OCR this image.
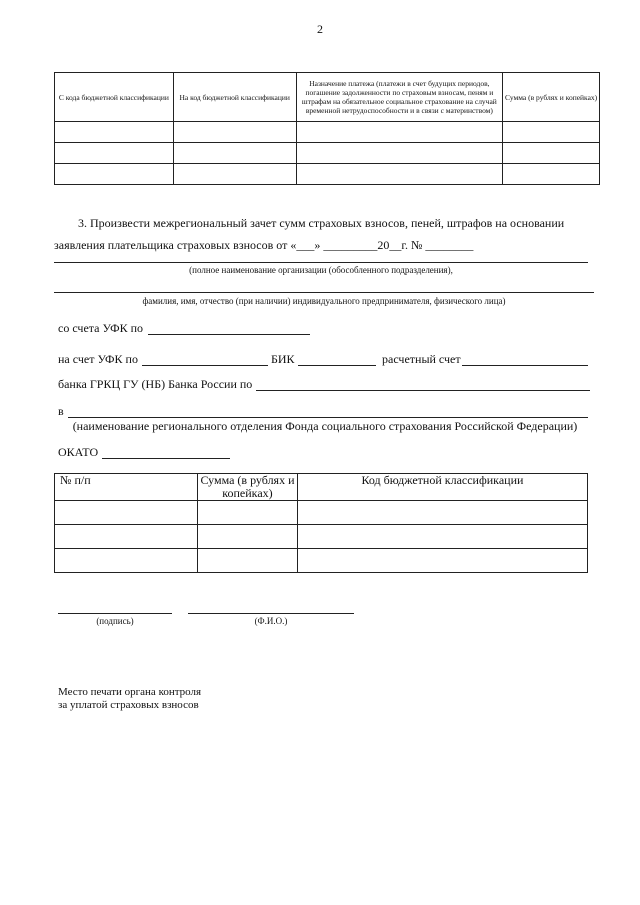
2
С кода бюджетной классификации	На код бюджетной классификации	Назначение платежа (платежи в счет будущих периодов, погашение задолженности по страховым взносам, пеням и штрафам на обязательное социальное страхование на случай временной нетрудоспособности и в связи с материнством)	Сумма (в рублях и копейках)

3. Произвести межрегиональный зачет сумм страховых взносов, пеней, штрафов на основании
заявления плательщика страховых взносов от «___» _________20__г. № ________
(полное наименование организации (обособленного подразделения),
фамилия, имя, отчество (при наличии) индивидуального предпринимателя, физического лица)
со счета УФК по
на счет УФК по	БИК	расчетный счет
банка ГРКЦ ГУ (НБ) Банка России по
в
(наименование регионального отделения Фонда социального страхования Российской Федерации)
ОКАТО
№ п/п	Сумма (в рублях и копейках)	Код бюджетной классификации

(подпись)	(Ф.И.О.)
Место печати органа контроля
за уплатой страховых взносов
